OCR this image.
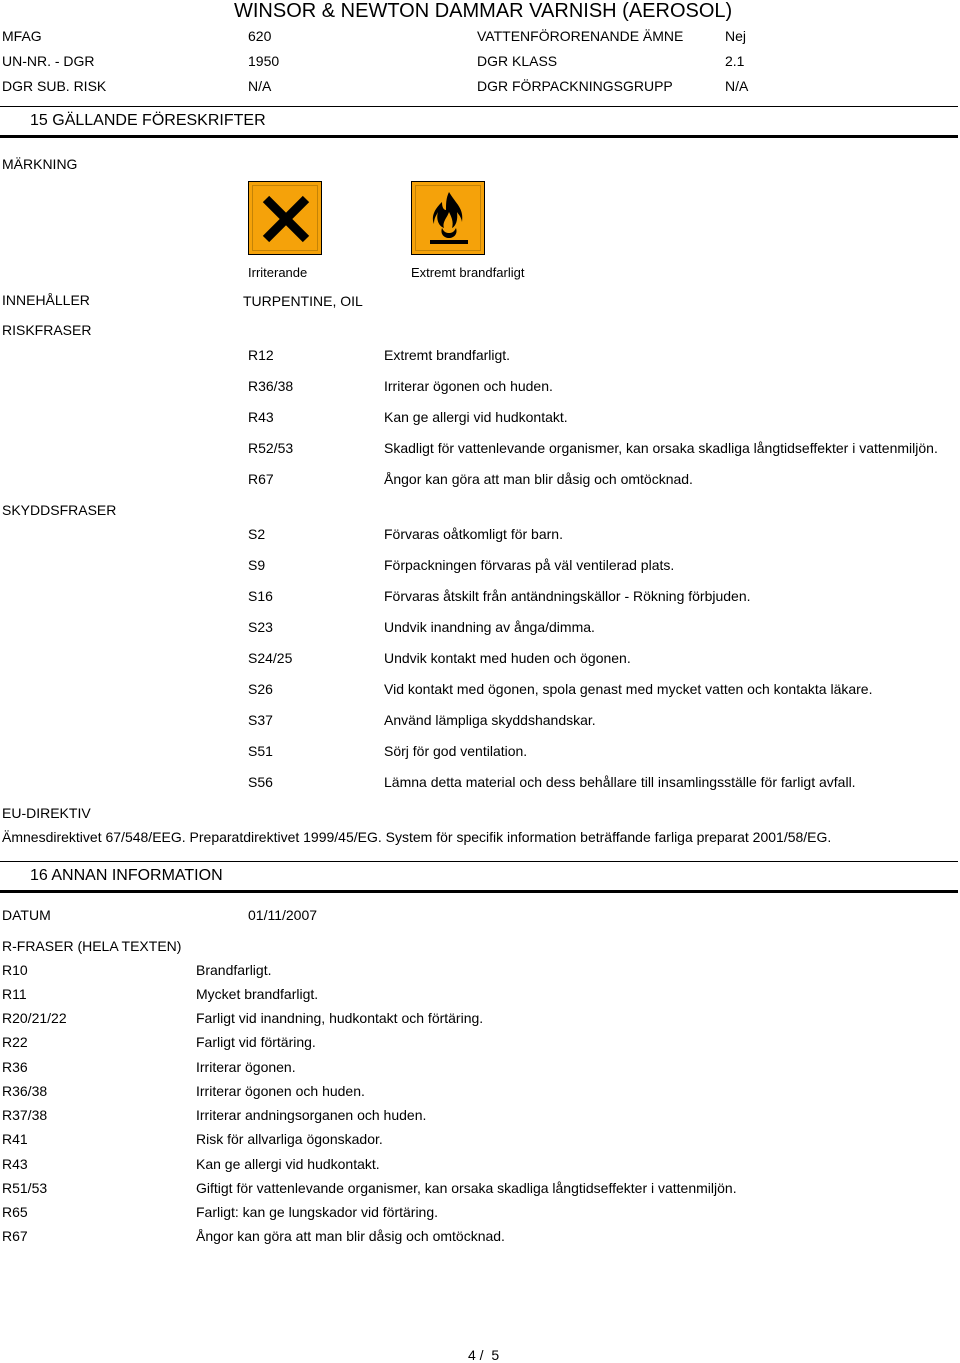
WINSOR & NEWTON DAMMAR VARNISH (AEROSOL)
MFAG	620	VATTENFÖRORENANDE ÄMNE	Nej
UN-NR. - DGR	1950	DGR KLASS	2.1
DGR SUB. RISK	N/A	DGR FÖRPACKNINGSGRUPP	N/A
15 GÄLLANDE FÖRESKRIFTER
MÄRKNING
Irriterande	Extremt brandfarligt
INNEHÅLLER	TURPENTINE, OIL
RISKFRASER
R12	Extremt brandfarligt.
R36/38	Irriterar ögonen och huden.
R43	Kan ge allergi vid hudkontakt.
R52/53	Skadligt för vattenlevande organismer, kan orsaka skadliga långtidseffekter i vattenmiljön.
R67	Ångor kan göra att man blir dåsig och omtöcknad.
SKYDDSFRASER
S2	Förvaras oåtkomligt för barn.
S9	Förpackningen förvaras på väl ventilerad plats.
S16	Förvaras åtskilt från antändningskällor - Rökning förbjuden.
S23	Undvik inandning av ånga/dimma.
S24/25	Undvik kontakt med huden och ögonen.
S26	Vid kontakt med ögonen, spola genast med mycket vatten och kontakta läkare.
S37	Använd lämpliga skyddshandskar.
S51	Sörj för god ventilation.
S56	Lämna detta material och dess behållare till insamlingsställe för farligt avfall.
EU-DIREKTIV
Ämnesdirektivet 67/548/EEG. Preparatdirektivet 1999/45/EG. System för specifik information beträffande farliga preparat 2001/58/EG.
16 ANNAN INFORMATION
DATUM	01/11/2007
R-FRASER (HELA TEXTEN)
R10	Brandfarligt.
R11	Mycket brandfarligt.
R20/21/22	Farligt vid inandning, hudkontakt och förtäring.
R22	Farligt vid förtäring.
R36	Irriterar ögonen.
R36/38	Irriterar ögonen och huden.
R37/38	Irriterar andningsorganen och huden.
R41	Risk för allvarliga ögonskador.
R43	Kan ge allergi vid hudkontakt.
R51/53	Giftigt för vattenlevande organismer, kan orsaka skadliga långtidseffekter i vattenmiljön.
R65	Farligt: kan ge lungskador vid förtäring.
R67	Ångor kan göra att man blir dåsig och omtöcknad.
4 /  5
